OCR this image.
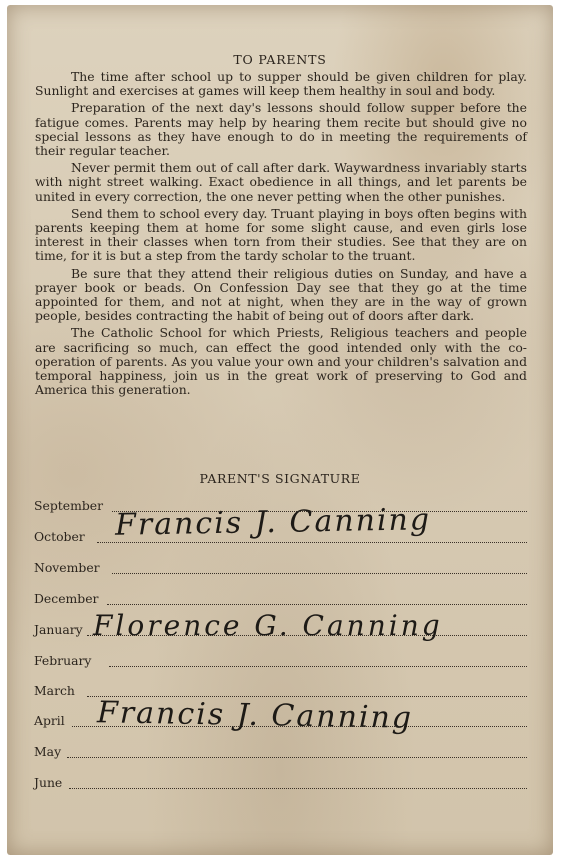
TO PARENTS

The time after school up to supper should be given children for play. Sunlight and exercises at games will keep them healthy in soul and body.

Preparation of the next day's lessons should follow supper before the fatigue comes. Parents may help by hearing them recite but should give no special lessons as they have enough to do in meeting the requirements of their regular teacher.

Never permit them out of call after dark. Waywardness invariably starts with night street walking. Exact obedience in all things, and let parents be united in every correction, the one never petting when the other punishes.

Send them to school every day. Truant playing in boys often begins with parents keeping them at home for some slight cause, and even girls lose interest in their classes when torn from their studies. See that they are on time, for it is but a step from the tardy scholar to the truant.

Be sure that they attend their religious duties on Sunday, and have a prayer book or beads. On Confession Day see that they go at the time appointed for them, and not at night, when they are in the way of grown people, besides contracting the habit of being out of doors after dark.

The Catholic School for which Priests, Religious teachers and people are sacrificing so much, can effect the good intended only with the co-operation of parents. As you value your own and your children's salvation and temporal happiness, join us in the great work of preserving to God and America this generation.

PARENT'S SIGNATURE
September
October
November
December
January
February
March
April
May
June
Francis J. Canning
Florence G. Canning
Francis J. Canning
